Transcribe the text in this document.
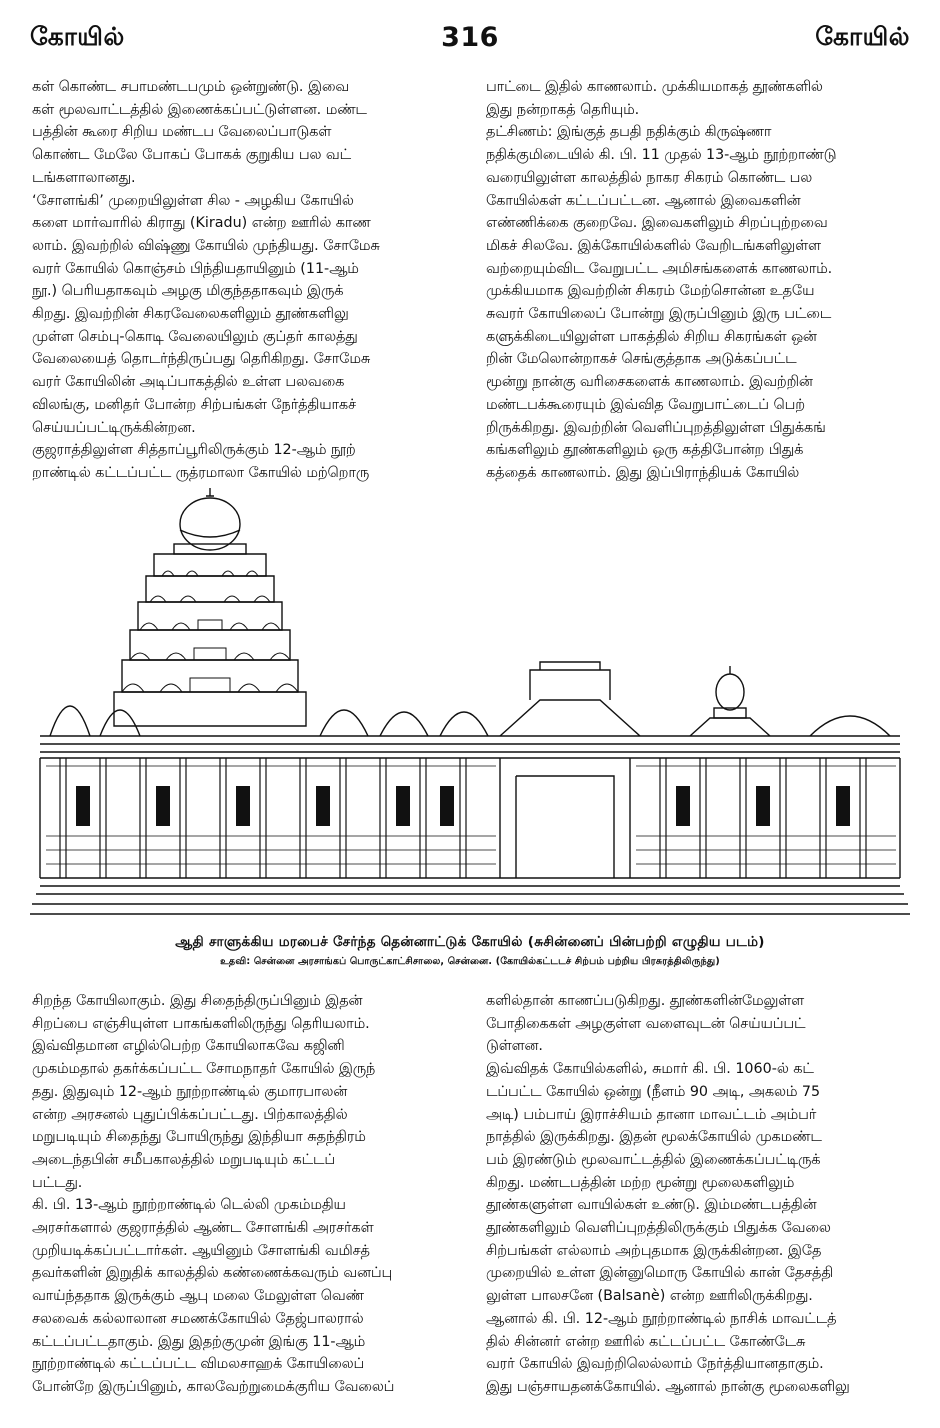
கோயில்	316	கோயில்
கள் கொண்ட சபாமண்டபமும் ஒன்றுண்டு. இவை
கள் மூலவாட்டத்தில் இணைக்கப்பட்டுள்ளன. மண்ட
பத்தின் கூரை சிறிய மண்டப வேலைப்பாடுகள்
கொண்ட மேலே போகப் போகக் குறுகிய பல வட்
டங்களாலானது.
‘சோளங்கி’ முறையிலுள்ள சில - அழகிய கோயில்
களை மார்வாரில் கிராது (Kiradu) என்ற ஊரில் காண
லாம். இவற்றில் விஷ்ணு கோயில் முந்தியது. சோமேசு
வரர் கோயில் கொஞ்சம் பிந்தியதாயினும் (11-ஆம்
நூ.) பெரியதாகவும் அழகு மிகுந்ததாகவும் இருக்
கிறது. இவற்றின் சிகரவேலைகளிலும் தூண்களிலு
முள்ள செம்பு-கொடி வேலையிலும் குப்தர் காலத்து
வேலையைத் தொடர்ந்திருப்பது தெரிகிறது. சோமேசு
வரர் கோயிலின் அடிப்பாகத்தில் உள்ள பலவகை
விலங்கு, மனிதர் போன்ற சிற்பங்கள் நேர்த்தியாகச்
செய்யப்பட்டிருக்கின்றன.
குஜராத்திலுள்ள சித்தாப்பூரிலிருக்கும் 12-ஆம் நூற்
றாண்டில் கட்டப்பட்ட ருத்ரமாலா கோயில் மற்றொரு
பாட்டை இதில் காணலாம். முக்கியமாகத் தூண்களில்
இது நன்றாகத் தெரியும்.
தட்சிணம்: இங்குத் தபதி நதிக்கும் கிருஷ்ணா
நதிக்குமிடையில் கி. பி. 11 முதல் 13-ஆம் நூற்றாண்டு
வரையிலுள்ள காலத்தில் நாகர சிகரம் கொண்ட பல
கோயில்கள் கட்டப்பட்டன. ஆனால் இவைகளின்
எண்ணிக்கை குறைவே. இவைகளிலும் சிறப்புற்றவை
மிகச் சிலவே. இக்கோயில்களில் வேறிடங்களிலுள்ள
வற்றையும்விட வேறுபட்ட அமிசங்களைக் காணலாம்.
முக்கியமாக இவற்றின் சிகரம் மேற்சொன்ன உதயே
சுவரர் கோயிலைப் போன்று இருப்பினும் இரு பட்டை
களுக்கிடையிலுள்ள பாகத்தில் சிறிய சிகரங்கள் ஒன்
றின் மேலொன்றாகச் செங்குத்தாக அடுக்கப்பட்ட
மூன்று நான்கு வரிசைகளைக் காணலாம். இவற்றின்
மண்டபக்கூரையும் இவ்வித வேறுபாட்டைப் பெற்
றிருக்கிறது. இவற்றின் வெளிப்புறத்திலுள்ள பிதுக்கங்
கங்களிலும் தூண்களிலும் ஒரு கத்திபோன்ற பிதுக்
கத்தைக் காணலாம். இது இப்பிராந்தியக் கோயில்
ஆதி சாளுக்கிய மரபைச் சேர்ந்த தென்னாட்டுக் கோயில் (சுசின்னைப் பின்பற்றி எழுதிய படம்)
உதவி: சென்னை அரசாங்கப் பொருட்காட்சிசாலை, சென்னை. (கோயில்கட்டடச் சிற்பம் பற்றிய பிரசுரத்திலிருந்து)
சிறந்த கோயிலாகும். இது சிதைந்திருப்பினும் இதன்
சிறப்பை எஞ்சியுள்ள பாகங்களிலிருந்து தெரியலாம்.
இவ்விதமான எழில்பெற்ற கோயிலாகவே கஜினி
முகம்மதால் தகர்க்கப்பட்ட சோமநாதர் கோயில் இருந்
தது. இதுவும் 12-ஆம் நூற்றாண்டில் குமாரபாலன்
என்ற அரசனல் புதுப்பிக்கப்பட்டது. பிற்காலத்தில்
மறுபடியும் சிதைந்து போயிருந்து இந்தியா சுதந்திரம்
அடைந்தபின் சமீபகாலத்தில் மறுபடியும் கட்டப்
பட்டது.
கி. பி. 13-ஆம் நூற்றாண்டில் டெல்லி முகம்மதிய
அரசர்களால் குஜராத்தில் ஆண்ட சோளங்கி அரசர்கள்
முறியடிக்கப்பட்டார்கள். ஆயினும் சோளங்கி வமிசத்
தவர்களின் இறுதிக் காலத்தில் கண்ணைக்கவரும் வனப்பு
வாய்ந்ததாக இருக்கும் ஆபு மலை மேலுள்ள வெண்
சலவைக் கல்லாலான சமணக்கோயில் தேஜ்பாலரால்
கட்டப்பட்டதாகும். இது இதற்குமுன் இங்கு 11-ஆம்
நூற்றாண்டில் கட்டப்பட்ட விமலசாஹக் கோயிலைப்
போன்றே இருப்பினும், காலவேற்றுமைக்குரிய வேலைப்
களில்தான் காணப்படுகிறது. தூண்களின்மேலுள்ள
போதிகைகள் அழகுள்ள வளைவுடன் செய்யப்பட்
டுள்ளன.
இவ்விதக் கோயில்களில், சுமார் கி. பி. 1060-ல் கட்
டப்பட்ட கோயில் ஒன்று (நீளம் 90 அடி, அகலம் 75
அடி) பம்பாய் இராச்சியம் தானா மாவட்டம் அம்பர்
நாத்தில் இருக்கிறது. இதன் மூலக்கோயில் முகமண்ட
பம் இரண்டும் மூலவாட்டத்தில் இணைக்கப்பட்டிருக்
கிறது. மண்டபத்தின் மற்ற மூன்று மூலைகளிலும்
தூண்களுள்ள வாயில்கள் உண்டு. இம்மண்டபத்தின்
தூண்களிலும் வெளிப்புறத்திலிருக்கும் பிதுக்க வேலை
சிற்பங்கள் எல்லாம் அற்புதமாக இருக்கின்றன. இதே
முறையில் உள்ள இன்னுமொரு கோயில் கான் தேசத்தி
லுள்ள பாலசனே (Balsanè) என்ற ஊரிலிருக்கிறது.
ஆனால் கி. பி. 12-ஆம் நூற்றாண்டில் நாசிக் மாவட்டத்
தில் சின்னர் என்ற ஊரில் கட்டப்பட்ட கோண்டேசு
வரர் கோயில் இவற்றிலெல்லாம் நேர்த்தியானதாகும்.
இது பஞ்சாயதனக்கோயில். ஆனால் நான்கு மூலைகளிலு
